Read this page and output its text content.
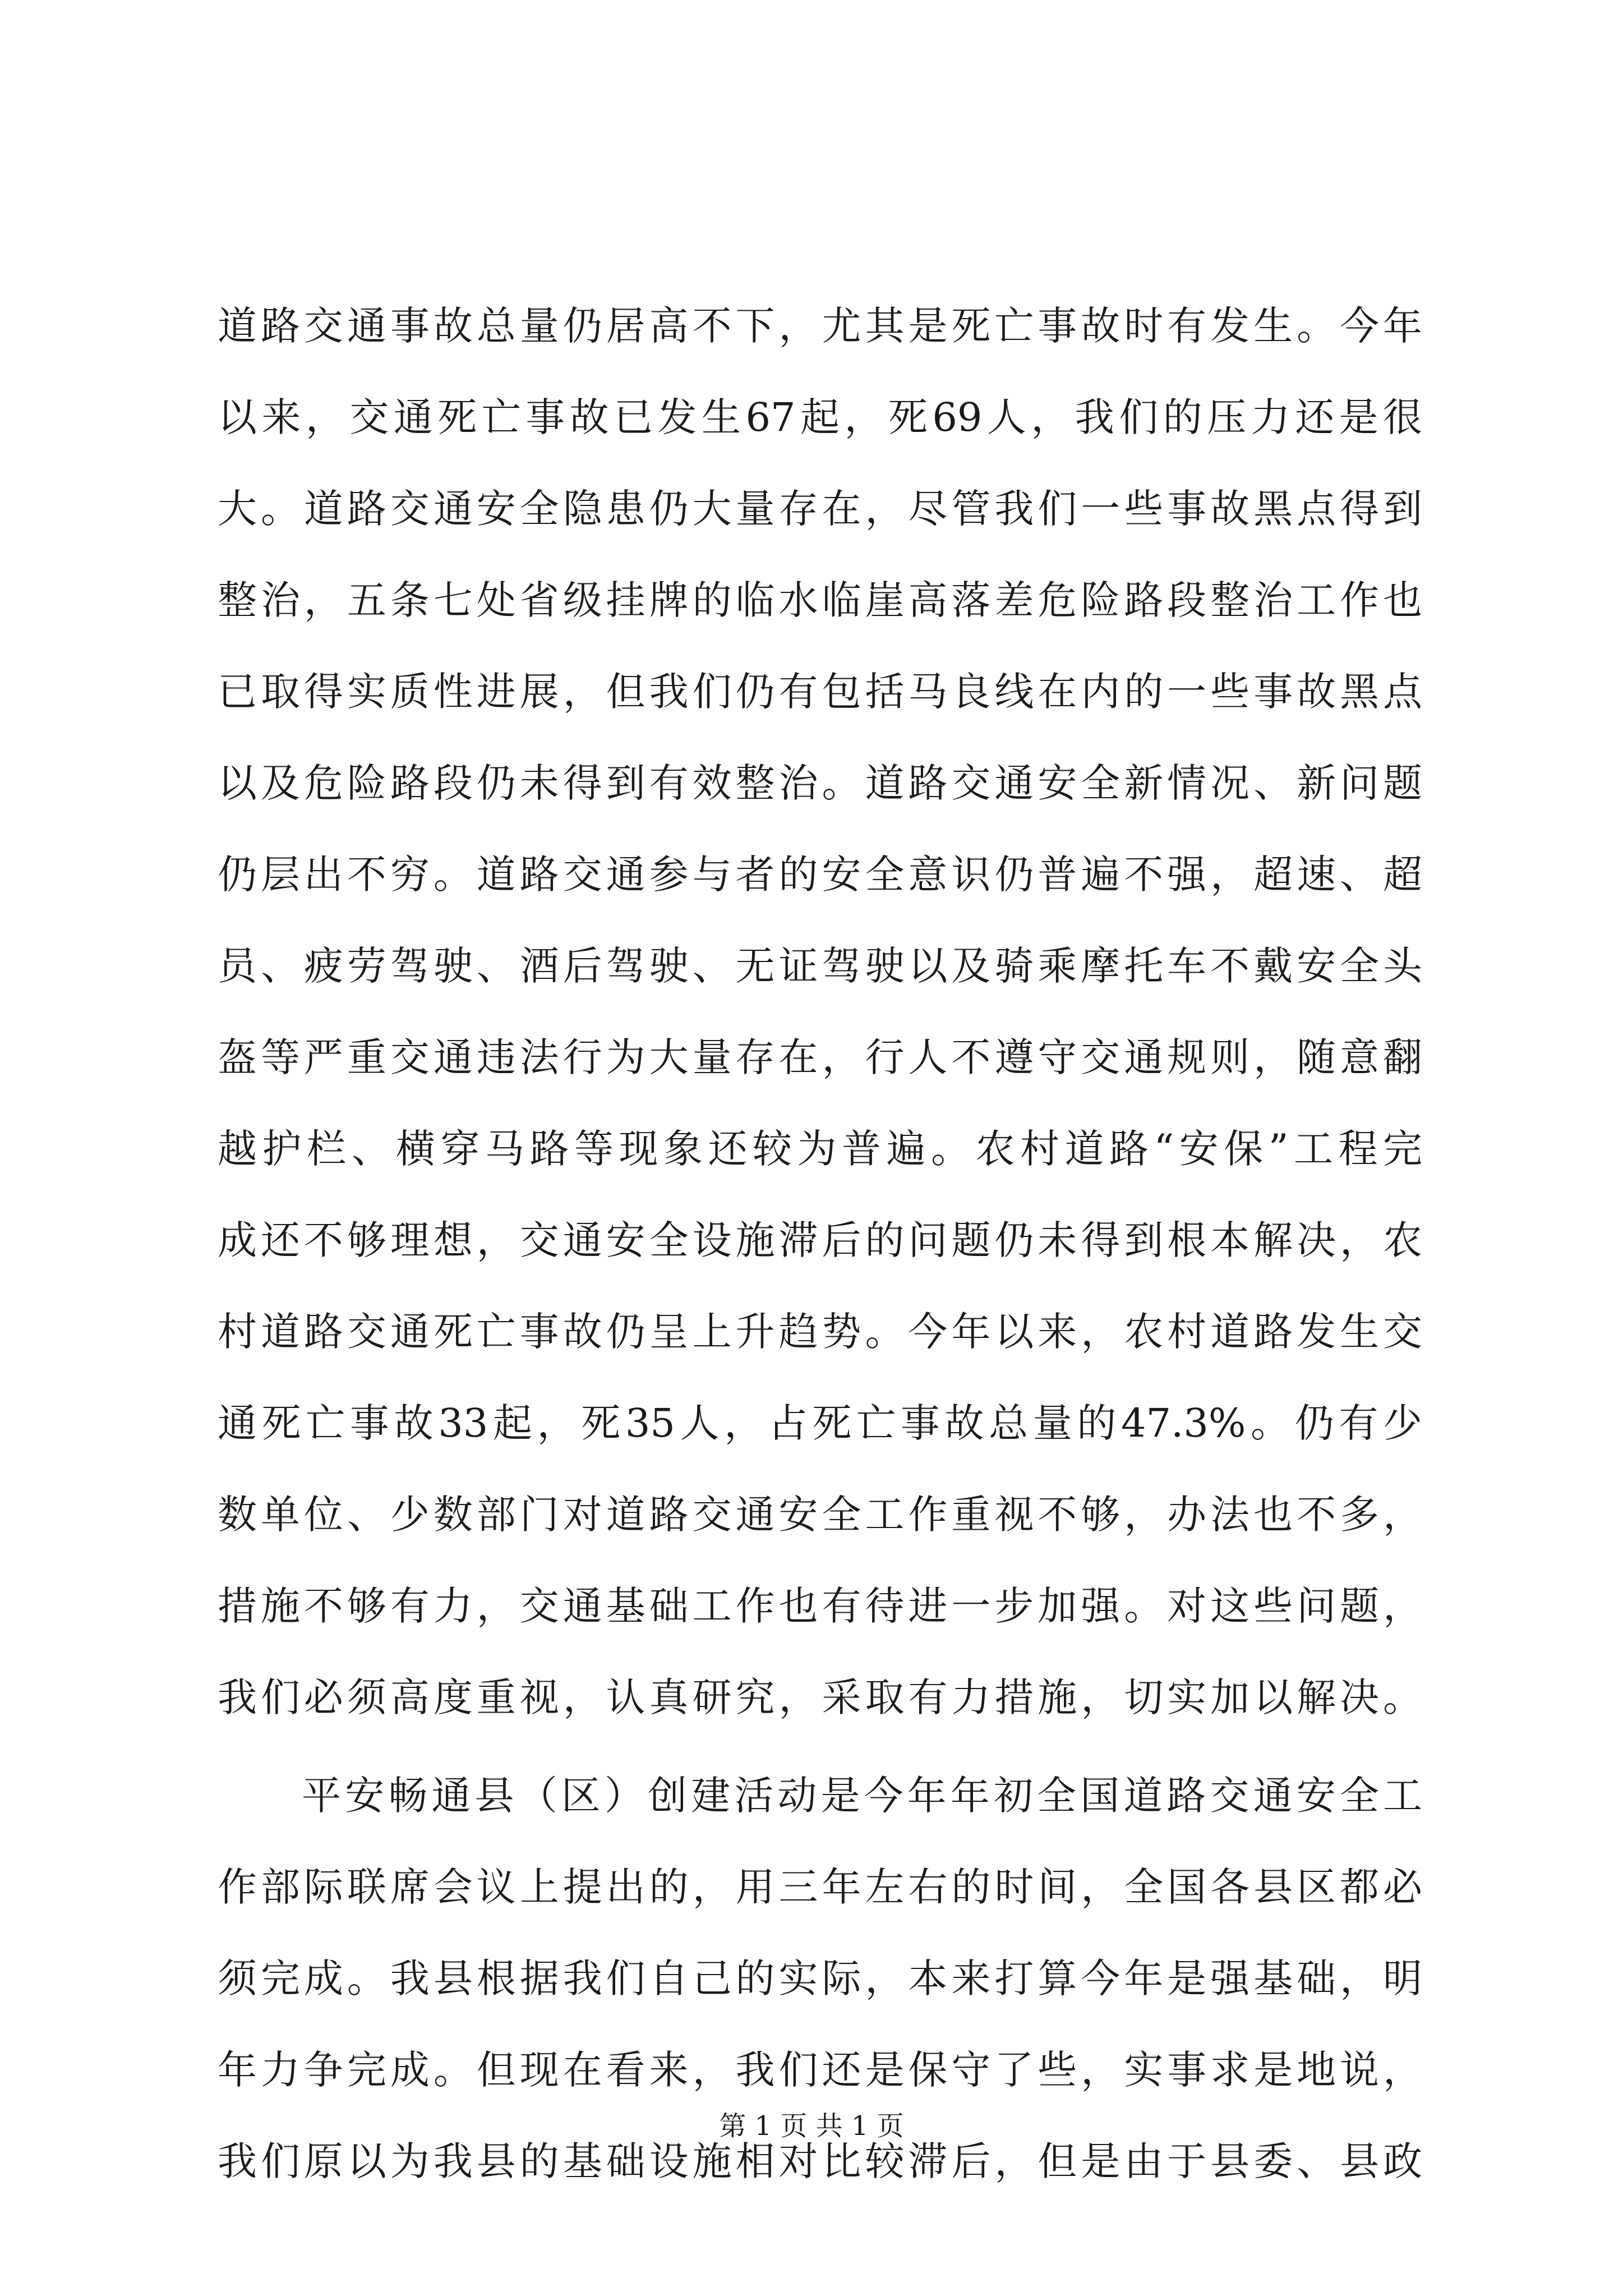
道路交通事故总量仍居高不下，尤其是死亡事故时有发生。今年
以来，交通死亡事故已发生67起，死69人，我们的压力还是很
大。道路交通安全隐患仍大量存在，尽管我们一些事故黑点得到
整治，五条七处省级挂牌的临水临崖高落差危险路段整治工作也
已取得实质性进展，但我们仍有包括马良线在内的一些事故黑点
以及危险路段仍未得到有效整治。道路交通安全新情况、新问题
仍层出不穷。道路交通参与者的安全意识仍普遍不强，超速、超
员、疲劳驾驶、酒后驾驶、无证驾驶以及骑乘摩托车不戴安全头
盔等严重交通违法行为大量存在，行人不遵守交通规则，随意翻
越护栏、横穿马路等现象还较为普遍。农村道路“安保”工程完
成还不够理想，交通安全设施滞后的问题仍未得到根本解决，农
村道路交通死亡事故仍呈上升趋势。今年以来，农村道路发生交
通死亡事故33起，死35人，占死亡事故总量的47.3%。仍有少
数单位、少数部门对道路交通安全工作重视不够，办法也不多，
措施不够有力，交通基础工作也有待进一步加强。对这些问题，
我们必须高度重视，认真研究，采取有力措施，切实加以解决。
平安畅通县（区）创建活动是今年年初全国道路交通安全工
作部际联席会议上提出的，用三年左右的时间，全国各县区都必
须完成。我县根据我们自己的实际，本来打算今年是强基础，明
年力争完成。但现在看来，我们还是保守了些，实事求是地说，
我们原以为我县的基础设施相对比较滞后，但是由于县委、县政
第 1 页 共 1 页
